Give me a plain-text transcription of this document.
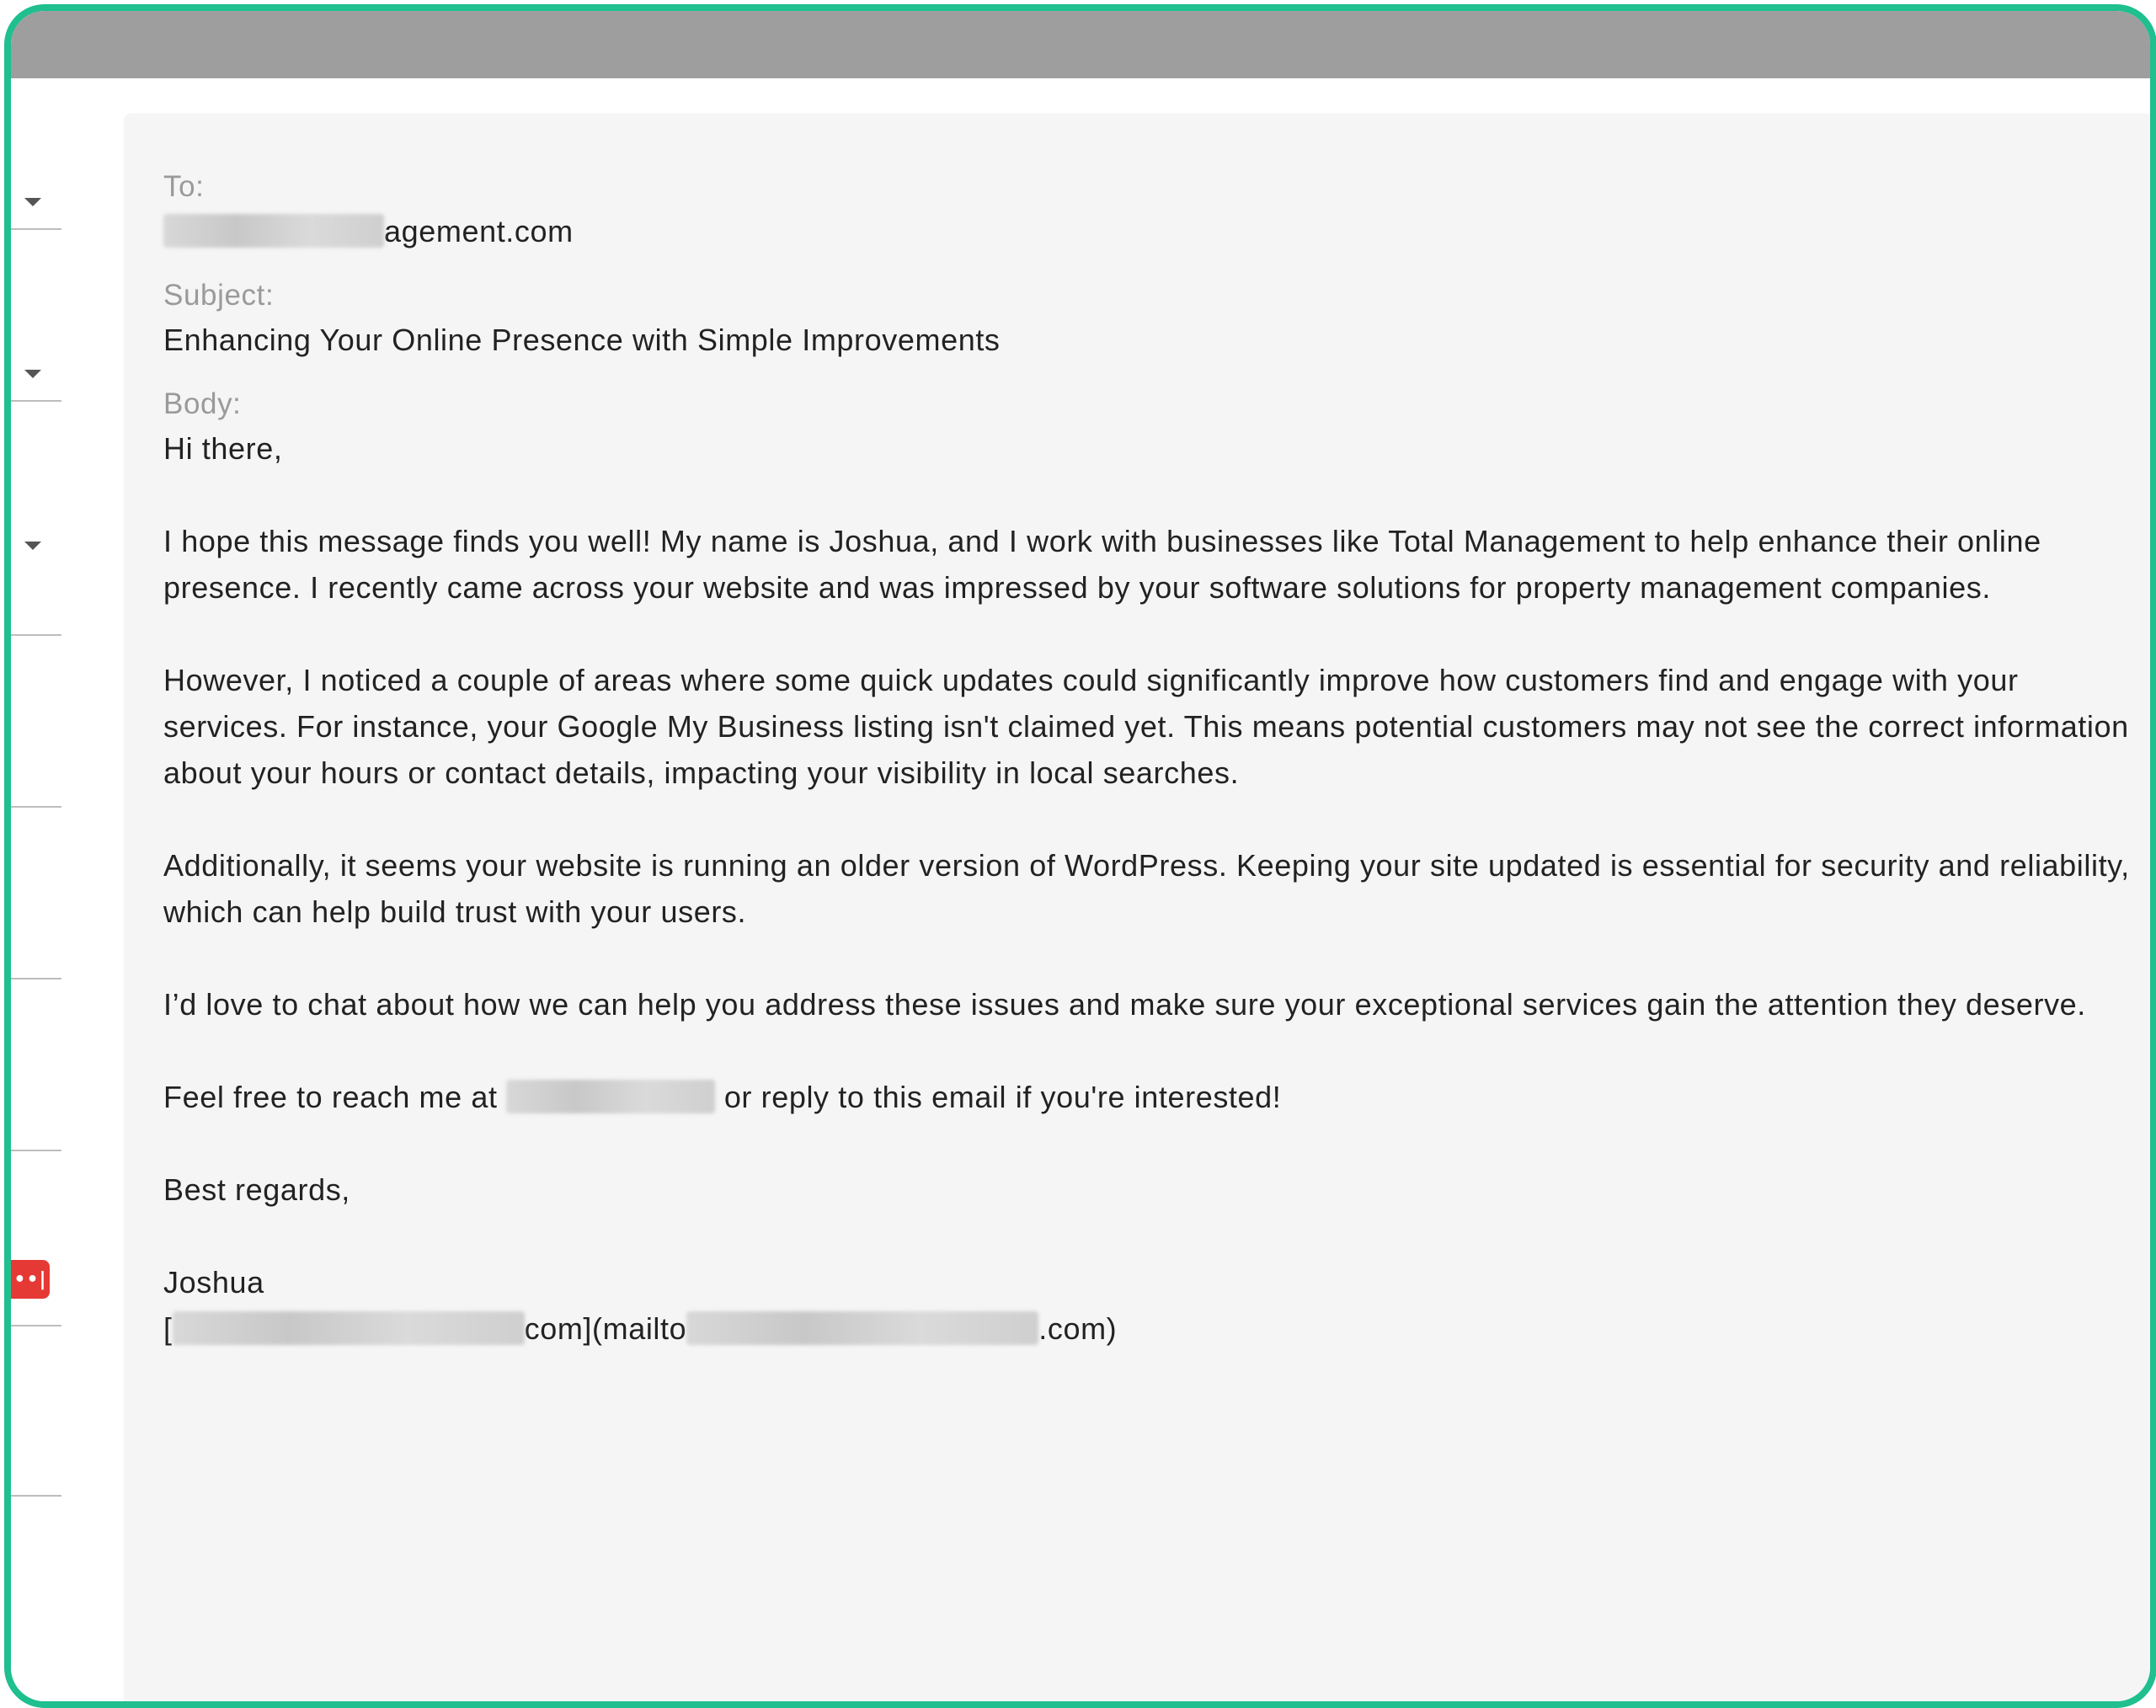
••|
To:
agement.com
Subject:
Enhancing Your Online Presence with Simple Improvements
Body:

Hi there,

I hope this message finds you well! My name is Joshua, and I work with businesses like Total Management to help enhance their online presence. I recently came across your website and was impressed by your software solutions for property management companies.

However, I noticed a couple of areas where some quick updates could significantly improve how customers find and engage with your services. For instance, your Google My Business listing isn't claimed yet. This means potential customers may not see the correct information about your hours or contact details, impacting your visibility in local searches.

Additionally, it seems your website is running an older version of WordPress. Keeping your site updated is essential for security and reliability, which can help build trust with your users.

I’d love to chat about how we can help you address these issues and make sure your exceptional services gain the attention they deserve.

Feel free to reach me at	or reply to this email if you're interested!

Best regards,

Joshua

[	com](mailto	.com)
